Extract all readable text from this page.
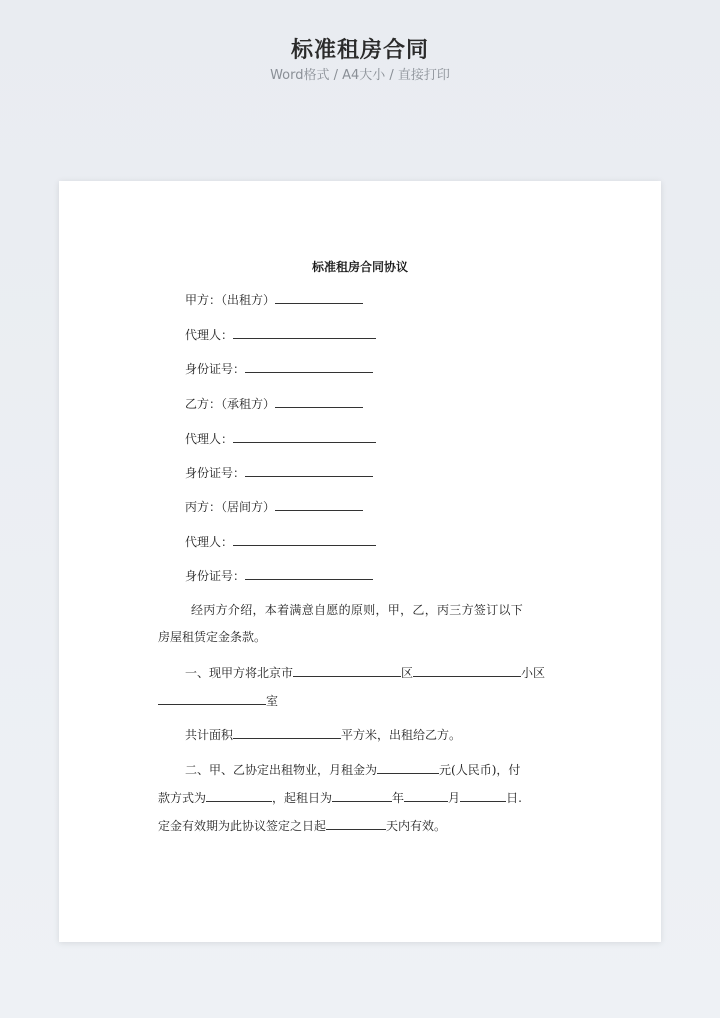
标准租房合同
Word格式 / A4大小 / 直接打印
标准租房合同协议
甲方：（出租方）
代理人：
身份证号：
乙方：（承租方）
代理人：
身份证号：
丙方：（居间方）
代理人：
身份证号：
经丙方介绍，本着满意自愿的原则，甲，乙，丙三方签订以下
房屋租赁定金条款。
一、现甲方将北京市	区	小区
室
共计面积	平方米，出租给乙方。
二、甲、乙协定出租物业，月租金为	元(人民币)，付
款方式为	，起租日为	年	月	日.
定金有效期为此协议签定之日起	天内有效。
